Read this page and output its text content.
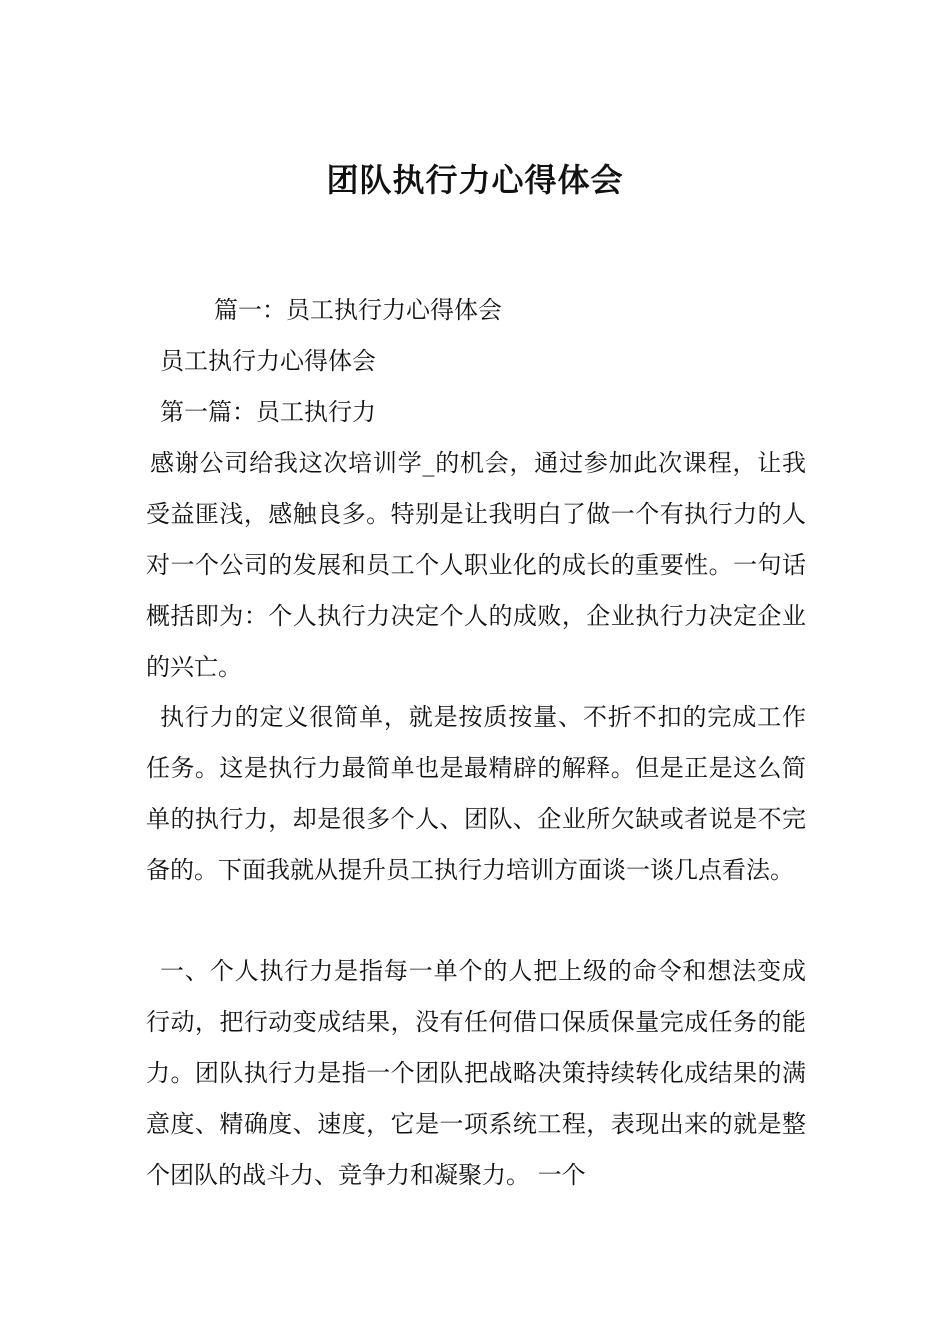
团队执行力心得体会

篇一：员工执行力心得体会

员工执行力心得体会

第一篇：员工执行力

感谢公司给我这次培训学_的机会，通过参加此次课程，让我受益匪浅，感触良多。特别是让我明白了做一个有执行力的人对一个公司的发展和员工个人职业化的成长的重要性。一句话概括即为：个人执行力决定个人的成败，企业执行力决定企业的兴亡。

执行力的定义很简单，就是按质按量、不折不扣的完成工作任务。这是执行力最简单也是最精辟的解释。但是正是这么简单的执行力，却是很多个人、团队、企业所欠缺或者说是不完备的。下面我就从提升员工执行力培训方面谈一谈几点看法。

一、个人执行力是指每一单个的人把上级的命令和想法变成行动，把行动变成结果，没有任何借口保质保量完成任务的能力。团队执行力是指一个团队把战略决策持续转化成结果的满意度、精确度、速度，它是一项系统工程，表现出来的就是整个团队的战斗力、竞争力和凝聚力。 一个
